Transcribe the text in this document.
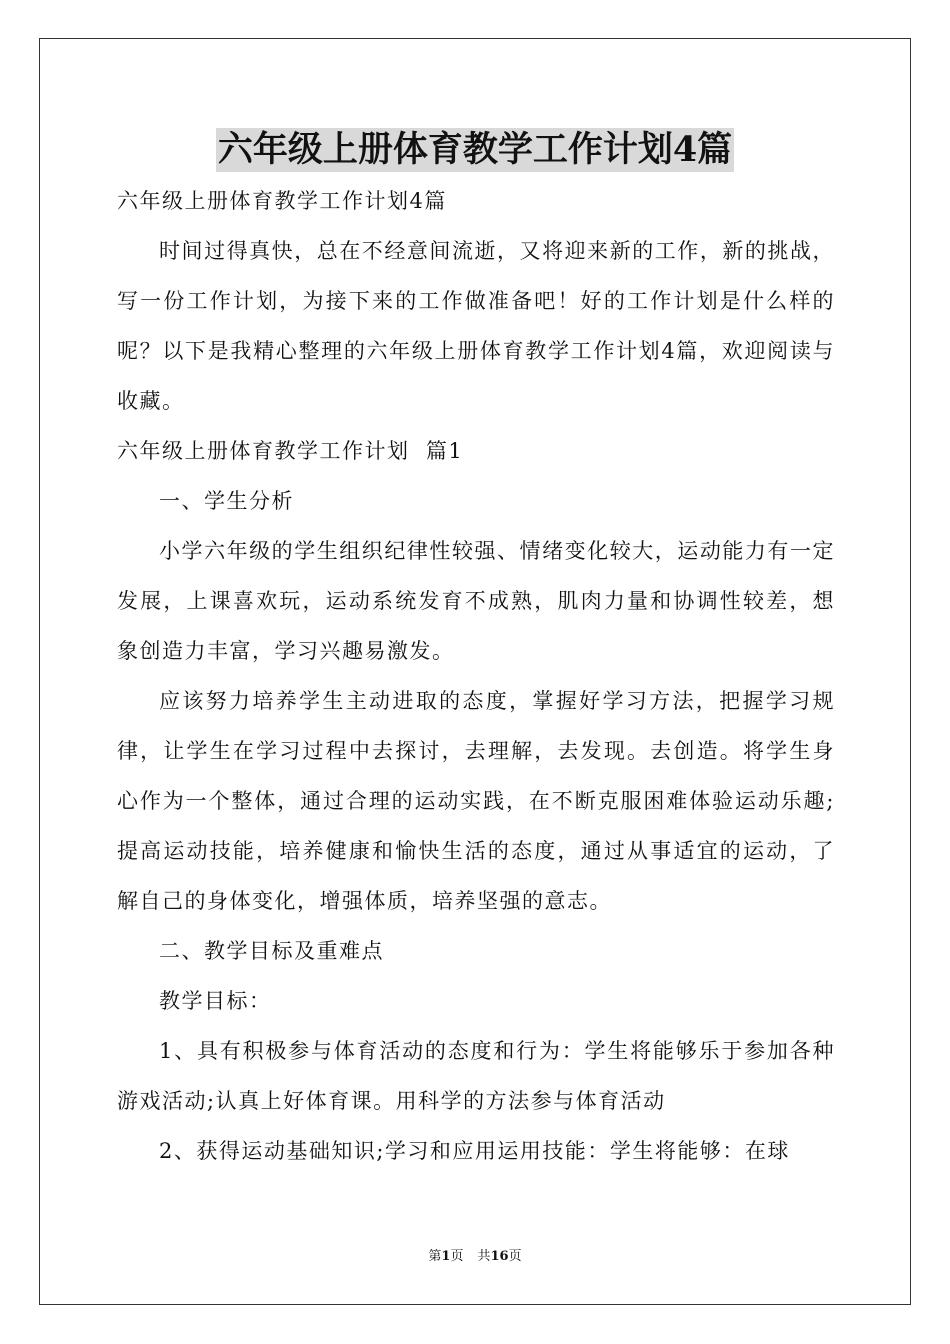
六年级上册体育教学工作计划4篇

六年级上册体育教学工作计划4篇

时间过得真快，总在不经意间流逝，又将迎来新的工作，新的挑战，写一份工作计划，为接下来的工作做准备吧！好的工作计划是什么样的呢？以下是我精心整理的六年级上册体育教学工作计划4篇，欢迎阅读与收藏。

六年级上册体育教学工作计划  篇1

一、学生分析

小学六年级的学生组织纪律性较强、情绪变化较大，运动能力有一定发展，上课喜欢玩，运动系统发育不成熟，肌肉力量和协调性较差，想象创造力丰富，学习兴趣易激发。

应该努力培养学生主动进取的态度，掌握好学习方法，把握学习规律，让学生在学习过程中去探讨，去理解，去发现。去创造。将学生身心作为一个整体，通过合理的运动实践，在不断克服困难体验运动乐趣;提高运动技能，培养健康和愉快生活的态度，通过从事适宜的运动，了解自己的身体变化，增强体质，培养坚强的意志。

二、教学目标及重难点

教学目标：

1、具有积极参与体育活动的态度和行为：学生将能够乐于参加各种游戏活动;认真上好体育课。用科学的方法参与体育活动

2、获得运动基础知识;学习和应用运用技能：学生将能够：在球

第1页 共16页
